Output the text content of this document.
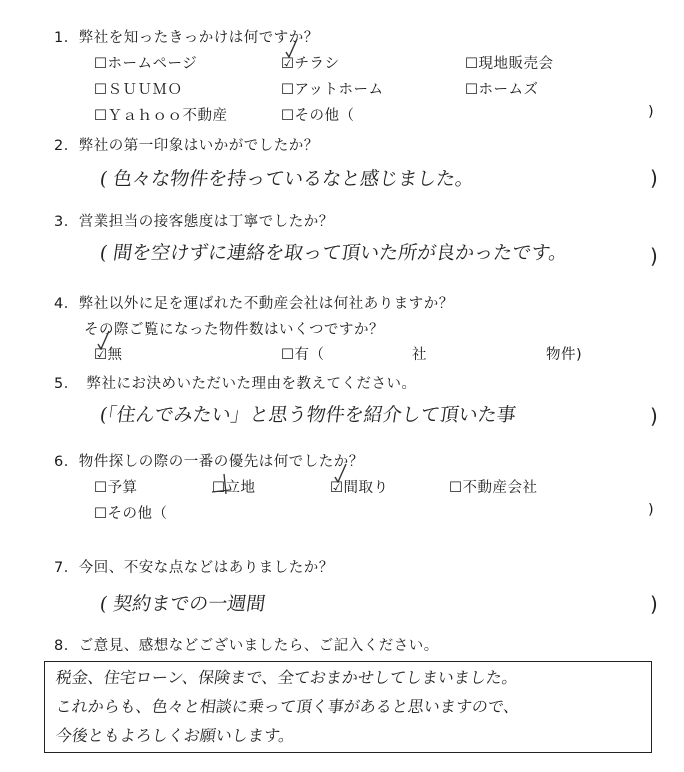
1．弊社を知ったきっかけは何ですか？
☐ホームページ	☑チラシ	☐現地販売会
☐ＳＵＵＭＯ	☐アットホーム	☐ホームズ
☐Ｙａｈｏｏ不動産	☐その他（	)
2．弊社の第一印象はいかがでしたか？
( 色々な物件を持っているなと感じました。	)
3．営業担当の接客態度は丁寧でしたか？
( 間を空けずに連絡を取って頂いた所が良かったです。	)
4．弊社以外に足を運ばれた不動産会社は何社ありますか？
その際ご覧になった物件数はいくつですか？
☑無	☐有（	社	物件)
5．　弊社にお決めいただいた理由を教えてください。
(「住んでみたい」と思う物件を紹介して頂いた事	)
6．物件探しの際の一番の優先は何でしたか？
☐予算	☐立地	☑間取り	☐不動産会社
☐その他（	)
7．今回、不安な点などはありましたか？
( 契約までの一週間	)
8．ご意見、感想などございましたら、ご記入ください。
税金、住宅ローン、保険まで、全ておまかせしてしまいました。
これからも、色々と相談に乗って頂く事があると思いますので、
今後ともよろしくお願いします。
